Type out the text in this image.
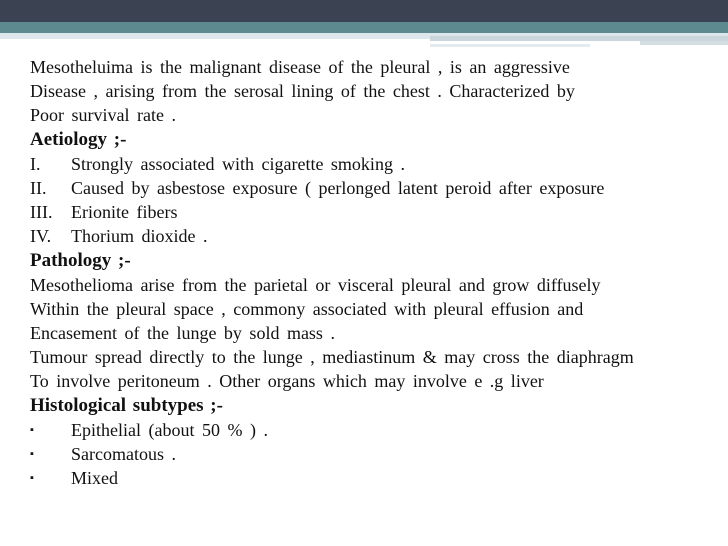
Mesotheluima is the malignant disease of the pleural , is an aggressive
Disease , arising from the serosal lining of the chest . Characterized by
Poor survival rate .
Aetiology ;-
I.	Strongly associated with cigarette smoking .
II.	Caused by asbestose exposure ( perlonged latent peroid after exposure
III.	Erionite fibers
IV.	Thorium dioxide .
Pathology ;-
Mesothelioma arise from the parietal or visceral pleural and grow diffusely
Within the pleural space , commony associated with pleural effusion and
Encasement of the lunge by sold mass .
Tumour spread directly to the lunge , mediastinum & may cross the diaphragm
To involve peritoneum . Other organs which may involve e .g liver
Histological subtypes ;-
▪	Epithelial (about 50 % ) .
▪	Sarcomatous .
▪	Mixed
